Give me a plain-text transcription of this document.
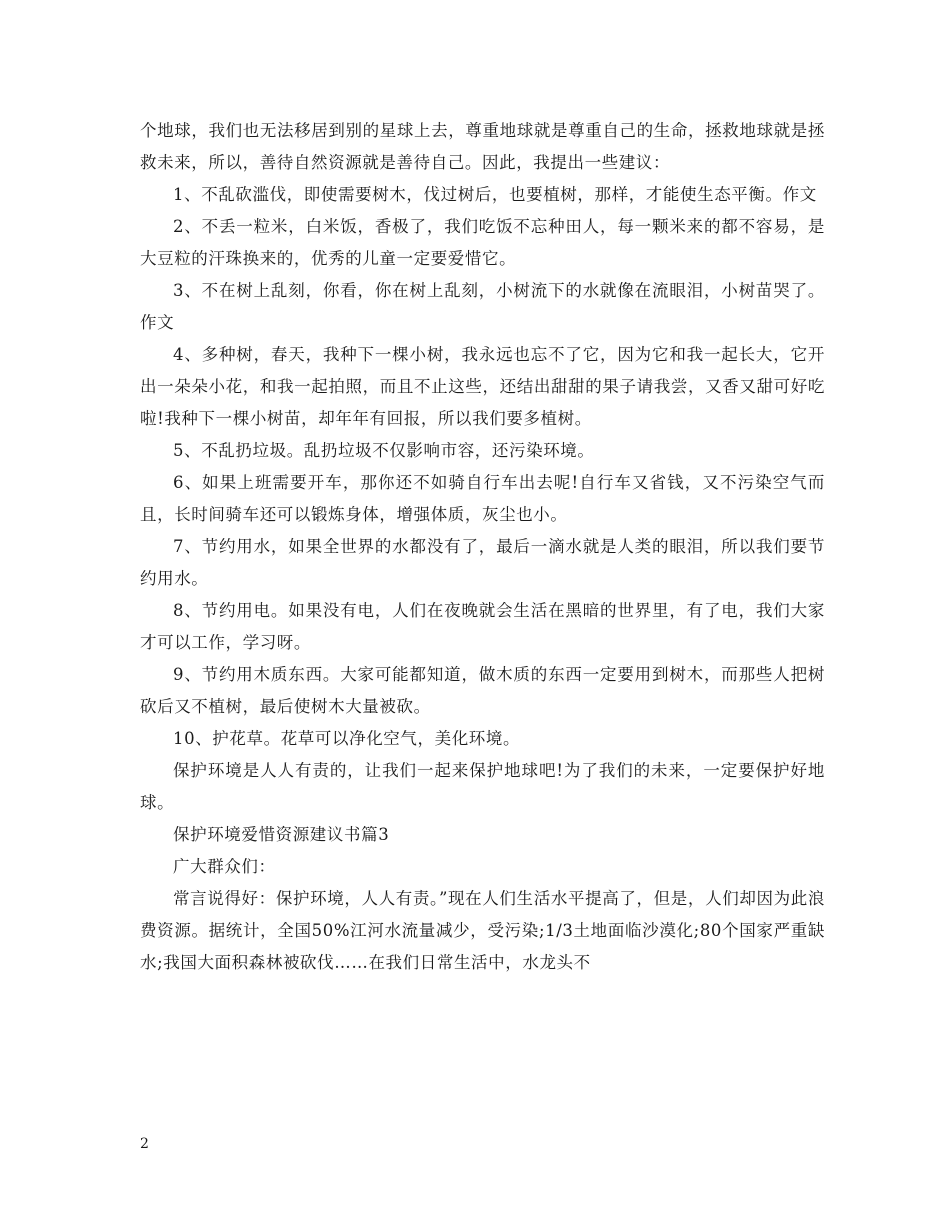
个地球，我们也无法移居到别的星球上去，尊重地球就是尊重自己的生命，拯救地球就是拯救未来，所以，善待自然资源就是善待自己。因此，我提出一些建议：

1、不乱砍滥伐，即使需要树木，伐过树后，也要植树，那样，才能使生态平衡。作文

2、不丢一粒米，白米饭，香极了，我们吃饭不忘种田人，每一颗米来的都不容易，是大豆粒的汗珠换来的，优秀的儿童一定要爱惜它。

3、不在树上乱刻，你看，你在树上乱刻，小树流下的水就像在流眼泪，小树苗哭了。作文

4、多种树，春天，我种下一棵小树，我永远也忘不了它，因为它和我一起长大，它开出一朵朵小花，和我一起拍照，而且不止这些，还结出甜甜的果子请我尝，又香又甜可好吃啦!我种下一棵小树苗，却年年有回报，所以我们要多植树。

5、不乱扔垃圾。乱扔垃圾不仅影响市容，还污染环境。

6、如果上班需要开车，那你还不如骑自行车出去呢!自行车又省钱，又不污染空气而且，长时间骑车还可以锻炼身体，增强体质，灰尘也小。

7、节约用水，如果全世界的水都没有了，最后一滴水就是人类的眼泪，所以我们要节约用水。

8、节约用电。如果没有电，人们在夜晚就会生活在黑暗的世界里，有了电，我们大家才可以工作，学习呀。

9、节约用木质东西。大家可能都知道，做木质的东西一定要用到树木，而那些人把树砍后又不植树，最后使树木大量被砍。

10、护花草。花草可以净化空气，美化环境。

保护环境是人人有责的，让我们一起来保护地球吧!为了我们的未来，一定要保护好地球。

保护环境爱惜资源建议书篇3

广大群众们：

常言说得好：保护环境，人人有责。”现在人们生活水平提高了，但是，人们却因为此浪费资源。据统计，全国50%江河水流量减少，受污染;1/3土地面临沙漠化;80个国家严重缺水;我国大面积森林被砍伐……在我们日常生活中，水龙头不

2
